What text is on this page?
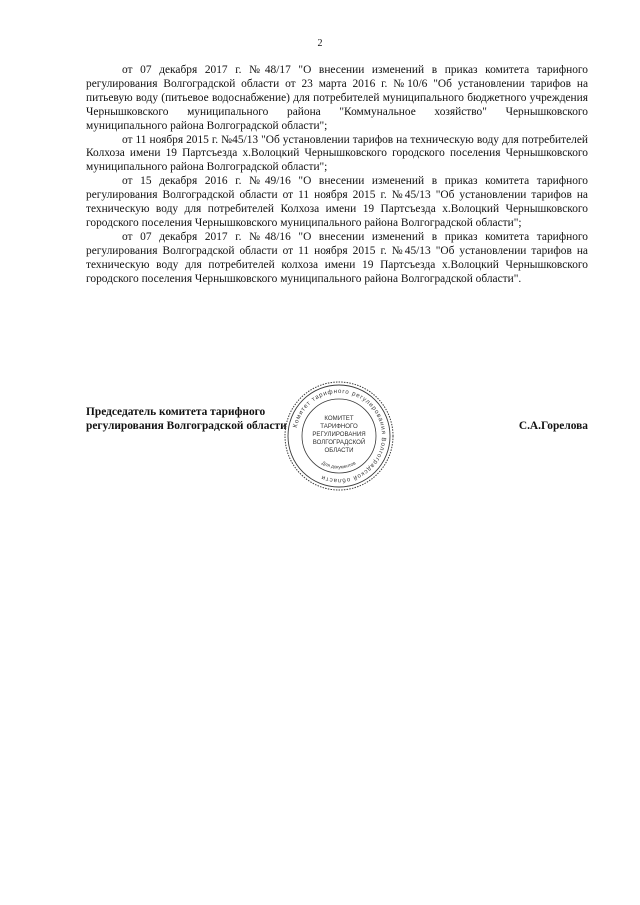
2

от 07 декабря 2017 г. №48/17 "О внесении изменений в приказ комитета тарифного регулирования Волгоградской области от 23 марта 2016 г. №10/6 "Об установлении тарифов на питьевую воду (питьевое водоснабжение) для потребителей муниципального бюджетного учреждения Чернышковского муниципального района "Коммунальное хозяйство" Чернышковского муниципального района Волгоградской области";

от 11 ноября 2015 г. №45/13 "Об установлении тарифов на техническую воду для потребителей Колхоза имени 19 Партсъезда х.Волоцкий Чернышковского городского поселения Чернышковского муниципального района Волгоградской области";

от 15 декабря 2016 г. №49/16 "О внесении изменений в приказ комитета тарифного регулирования Волгоградской области от 11 ноября 2015 г. №45/13 "Об установлении тарифов на техническую воду для потребителей Колхоза имени 19 Партсъезда х.Волоцкий Чернышковского городского поселения Чернышковского муниципального района Волгоградской области";

от 07 декабря 2017 г. №48/16 "О внесении изменений в приказ комитета тарифного регулирования Волгоградской области от 11 ноября 2015 г. №45/13 "Об установлении тарифов на техническую воду для потребителей колхоза имени 19 Партсъезда х.Волоцкий Чернышковского городского поселения Чернышковского муниципального района Волгоградской области".

Председатель комитета тарифного
регулирования Волгоградской области	С.А.Горелова
Комитет тарифного регулирования Волгоградской области
КОМИТЕТ
ТАРИФНОГО
РЕГУЛИРОВАНИЯ
ВОЛГОГРАДСКОЙ
ОБЛАСТИ
Для документов
